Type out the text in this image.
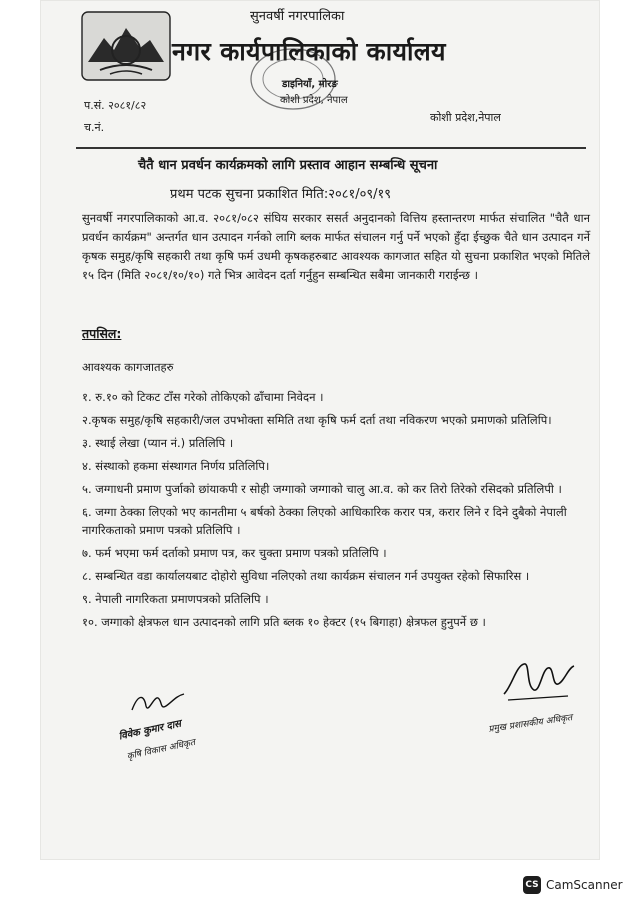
सुनवर्षी नगरपालिका
नगर कार्यपालिकाको कार्यालय
डाइनियाँ, मोरङ
कोशी प्रदेश, नेपाल
प.सं. २०८१/८२
च.नं.
कोशी प्रदेश,नेपाल
चैतै धान प्रवर्धन कार्यक्रमको लागि प्रस्ताव आहान सम्बन्धि सूचना
प्रथम पटक सुचना प्रकाशित मिति:२०८१/०९/१९
सुनवर्षी नगरपालिकाको आ.व. २०८१/०८२ संघिय सरकार ससर्त अनुदानको वित्तिय हस्तान्तरण मार्फत संचालित "चैतै धान प्रवर्धन कार्यक्रम" अन्तर्गत धान उत्पादन गर्नको लागि ब्लक मार्फत संचालन गर्नु पर्ने भएको हुँदा ईच्छुक चैते धान उत्पादन गर्ने कृषक समुह/कृषि सहकारी तथा कृषि फर्म उधमी कृषकहरुबाट आवश्यक कागजात सहित यो सुचना प्रकाशित भएको मितिले १५ दिन (मिति २०८१/१०/१०) गते भित्र आवेदन दर्ता गर्नुहुन सम्बन्धित सबैमा जानकारी गराईन्छ ।
तपसिल:
आवश्यक कागजातहरु
१. रु.१० को टिकट टाँस गरेको तोकिएको ढाँचामा निवेदन ।
२.कृषक समुह/कृषि सहकारी/जल उपभोक्ता समिति तथा कृषि फर्म दर्ता तथा नविकरण भएको प्रमाणको प्रतिलिपि।
३. स्थाई लेखा (प्यान नं.) प्रतिलिपि ।
४. संस्थाको हकमा संस्थागत निर्णय प्रतिलिपि।
५. जग्गाधनी प्रमाण पुर्जाको छांयाकपी र सोही जग्गाको जग्गाको चालु आ.व. को कर तिरो तिरेको रसिदको प्रतिलिपी ।
६. जग्गा ठेक्का लिएको भए कानतीमा ५ बर्षको ठेक्का लिएको आधिकारिक करार पत्र, करार लिने र दिने दुबैको नेपाली नागरिकताको प्रमाण पत्रको प्रतिलिपि ।
७. फर्म भएमा फर्म दर्ताको प्रमाण पत्र, कर चुक्ता प्रमाण पत्रको प्रतिलिपि ।
८. सम्बन्धित वडा कार्यालयबाट दोहोरो सुविधा नलिएको तथा कार्यक्रम संचालन गर्न उपयुक्त रहेको सिफारिस ।
९. नेपाली नागरिकता प्रमाणपत्रको प्रतिलिपि ।
१०. जग्गाको क्षेत्रफल धान उत्पादनको लागि प्रति ब्लक १० हेक्टर (१५ बिगाहा) क्षेत्रफल हुनुपर्ने छ ।
प्रमुख प्रशासकीय अधिकृत
विवेक कुमार दास
कृषि विकास अधिकृत
CS CamScanner
